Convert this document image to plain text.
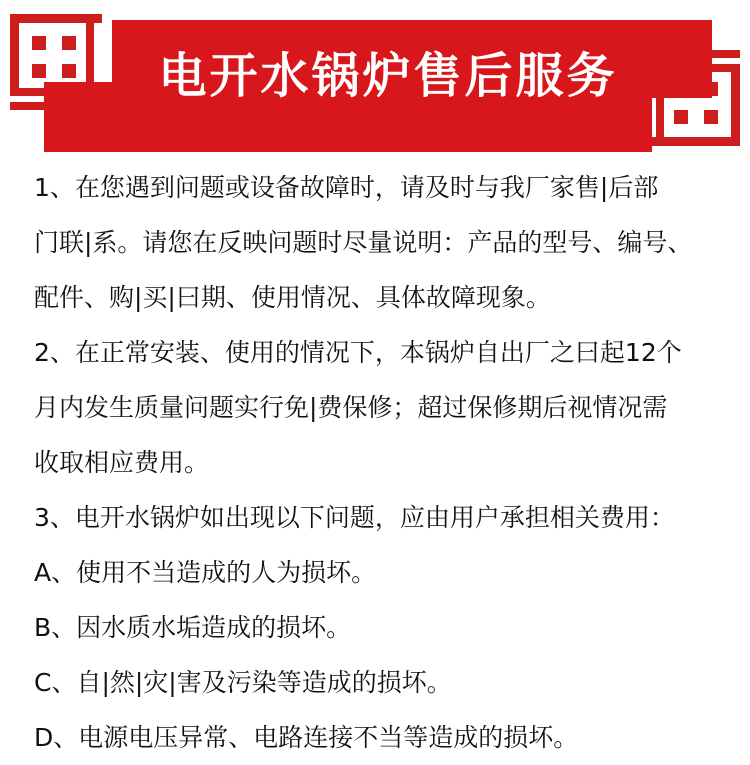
电开水锅炉售后服务
1、在您遇到问题或设备故障时，请及时与我厂家售|后部
门联|系。请您在反映问题时尽量说明：产品的型号、编号、
配件、购|买|曰期、使用情况、具体故障现象。
2、在正常安装、使用的情况下，本锅炉自出厂之曰起12个
月内发生质量问题实行免|费保修；超过保修期后视情况需
收取相应费用。
3、电开水锅炉如出现以下问题，应由用户承担相关费用：
A、使用不当造成的人为损坏。
B、因水质水垢造成的损坏。
C、自|然|灾|害及污染等造成的损坏。
D、电源电压异常、电路连接不当等造成的损坏。
